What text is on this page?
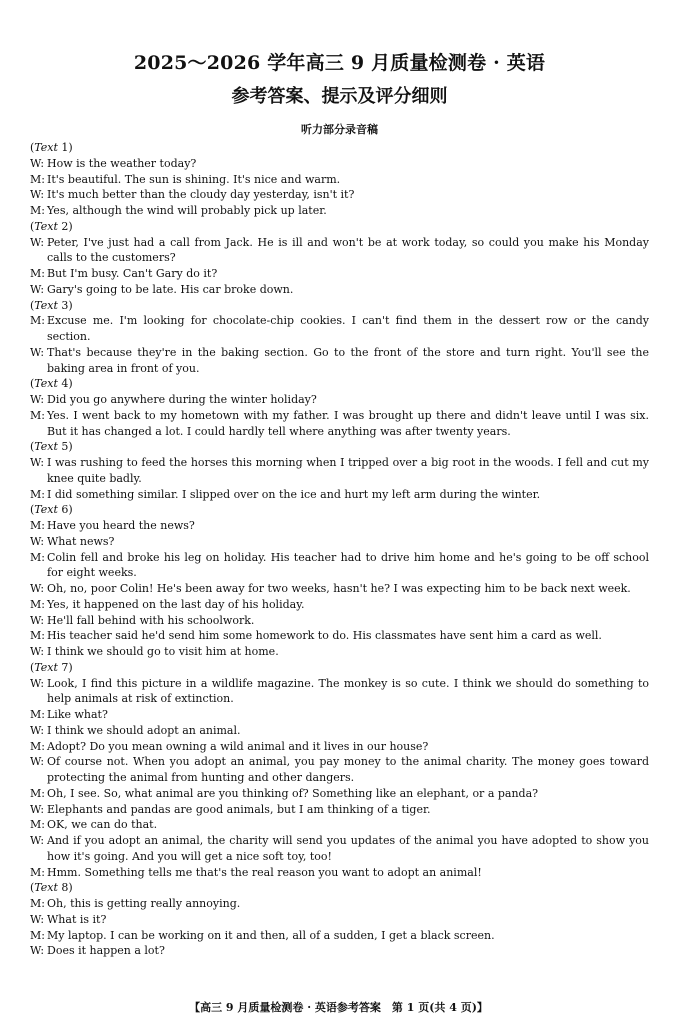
2025～2026 学年高三 9 月质量检测卷 · 英语
参考答案、提示及评分细则
听力部分录音稿
(Text 1)
W: How is the weather today?
M: It's beautiful. The sun is shining. It's nice and warm.
W: It's much better than the cloudy day yesterday, isn't it?
M: Yes, although the wind will probably pick up later.
(Text 2)
W: Peter, I've just had a call from Jack. He is ill and won't be at work today, so could you make his Monday calls to the customers?
M: But I'm busy. Can't Gary do it?
W: Gary's going to be late. His car broke down.
(Text 3)
M: Excuse me. I'm looking for chocolate-chip cookies. I can't find them in the dessert row or the candy section.
W: That's because they're in the baking section. Go to the front of the store and turn right. You'll see the baking area in front of you.
(Text 4)
W: Did you go anywhere during the winter holiday?
M: Yes. I went back to my hometown with my father. I was brought up there and didn't leave until I was six. But it has changed a lot. I could hardly tell where anything was after twenty years.
(Text 5)
W: I was rushing to feed the horses this morning when I tripped over a big root in the woods. I fell and cut my knee quite badly.
M: I did something similar. I slipped over on the ice and hurt my left arm during the winter.
(Text 6)
M: Have you heard the news?
W: What news?
M: Colin fell and broke his leg on holiday. His teacher had to drive him home and he's going to be off school for eight weeks.
W: Oh, no, poor Colin! He's been away for two weeks, hasn't he? I was expecting him to be back next week.
M: Yes, it happened on the last day of his holiday.
W: He'll fall behind with his schoolwork.
M: His teacher said he'd send him some homework to do. His classmates have sent him a card as well.
W: I think we should go to visit him at home.
(Text 7)
W: Look, I find this picture in a wildlife magazine. The monkey is so cute. I think we should do something to help animals at risk of extinction.
M: Like what?
W: I think we should adopt an animal.
M: Adopt? Do you mean owning a wild animal and it lives in our house?
W: Of course not. When you adopt an animal, you pay money to the animal charity. The money goes toward protecting the animal from hunting and other dangers.
M: Oh, I see. So, what animal are you thinking of? Something like an elephant, or a panda?
W: Elephants and pandas are good animals, but I am thinking of a tiger.
M: OK, we can do that.
W: And if you adopt an animal, the charity will send you updates of the animal you have adopted to show you how it's going. And you will get a nice soft toy, too!
M: Hmm. Something tells me that's the real reason you want to adopt an animal!
(Text 8)
M: Oh, this is getting really annoying.
W: What is it?
M: My laptop. I can be working on it and then, all of a sudden, I get a black screen.
W: Does it happen a lot?
【高三 9 月质量检测卷 · 英语参考答案　第 1 页(共 4 页)】
